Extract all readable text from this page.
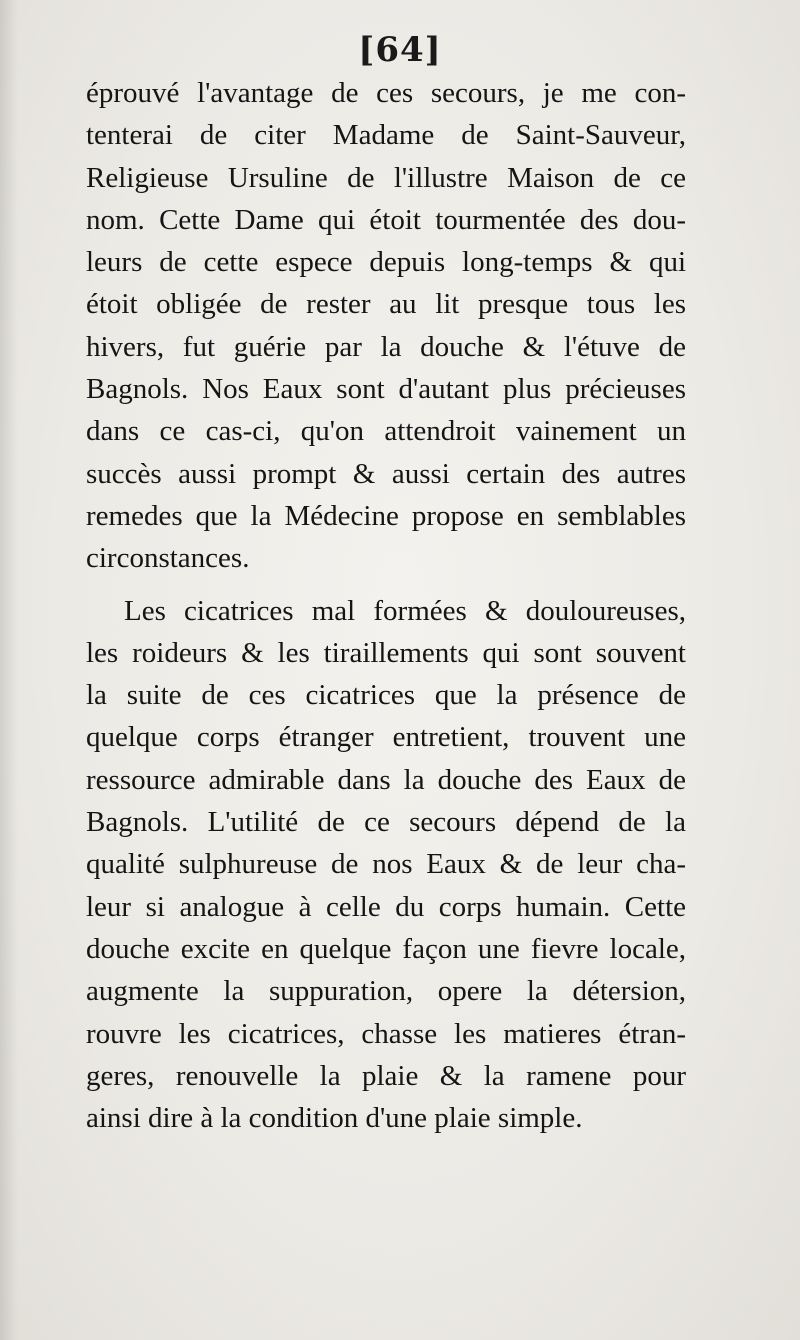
[64]
éprouvé l'avantage de ces secours, je me con-
tenterai de citer Madame de Saint-Sauveur,
Religieuse Ursuline de l'illustre Maison de ce
nom. Cette Dame qui étoit tourmentée des dou-
leurs de cette espece depuis long-temps & qui
étoit obligée de rester au lit presque tous les
hivers, fut guérie par la douche & l'étuve de
Bagnols. Nos Eaux sont d'autant plus précieuses
dans ce cas-ci, qu'on attendroit vainement un
succès aussi prompt & aussi certain des autres
remedes que la Médecine propose en semblables
circonstances.
Les cicatrices mal formées & douloureuses,
les roideurs & les tiraillements qui sont souvent
la suite de ces cicatrices que la présence de
quelque corps étranger entretient, trouvent une
ressource admirable dans la douche des Eaux de
Bagnols. L'utilité de ce secours dépend de la
qualité sulphureuse de nos Eaux & de leur cha-
leur si analogue à celle du corps humain. Cette
douche excite en quelque façon une fievre locale,
augmente la suppuration, opere la détersion,
rouvre les cicatrices, chasse les matieres étran-
geres, renouvelle la plaie & la ramene pour
ainsi dire à la condition d'une plaie simple.
